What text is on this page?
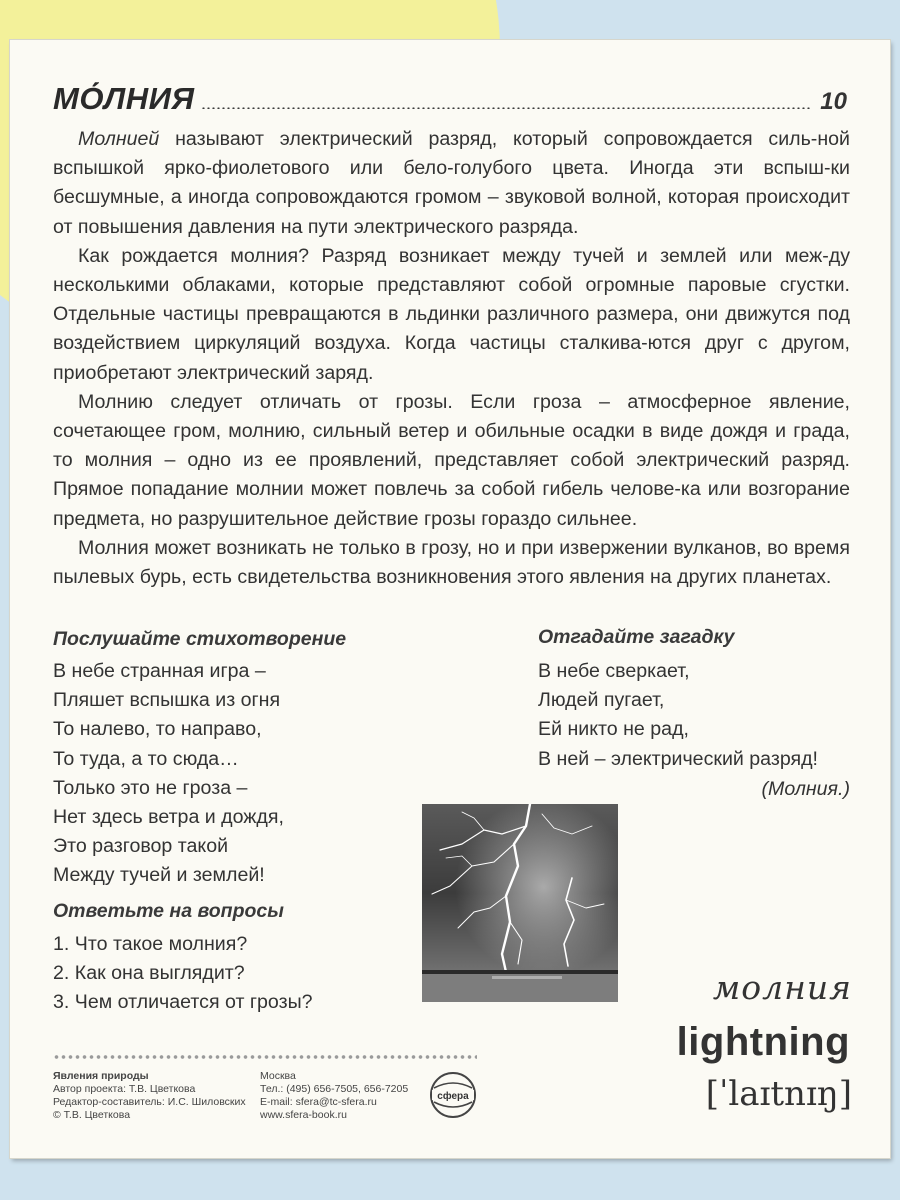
МО́ЛНИЯ	10

Молнией называют электрический разряд, который сопровождается силь-ной вспышкой ярко-фиолетового или бело-голубого цвета. Иногда эти вспыш-ки бесшумные, а иногда сопровождаются громом – звуковой волной, которая происходит от повышения давления на пути электрического разряда.

Как рождается молния? Разряд возникает между тучей и землей или меж-ду несколькими облаками, которые представляют собой огромные паровые сгустки. Отдельные частицы превращаются в льдинки различного размера, они движутся под воздействием циркуляций воздуха. Когда частицы сталкива-ются друг с другом, приобретают электрический заряд.

Молнию следует отличать от грозы. Если гроза – атмосферное явление, сочетающее гром, молнию, сильный ветер и обильные осадки в виде дождя и града, то молния – одно из ее проявлений, представляет собой электрический разряд. Прямое попадание молнии может повлечь за собой гибель челове-ка или возгорание предмета, но разрушительное действие грозы гораздо сильнее.

Молния может возникать не только в грозу, но и при извержении вулканов, во время пылевых бурь, есть свидетельства возникновения этого явления на других планетах.

Послушайте стихотворение
В небе странная игра –
Пляшет вспышка из огня
То налево, то направо,
То туда, а то сюда…
Только это не гроза –
Нет здесь ветра и дождя,
Это разговор такой
Между тучей и землей!
Отгадайте загадку
В небе сверкает,
Людей пугает,
Ей никто не рад,
В ней – электрический разряд!
(Молния.)
Ответьте на вопросы
1. Что такое молния?
2. Как она выглядит?
3. Чем отличается от грозы?	молния
lightning
[ˈlaɪtnɪŋ]
Явления природы
Автор проекта: Т.В. Цветкова
Редактор-составитель: И.С. Шиловских
© Т.В. Цветкова
Москва
Тел.: (495) 656-7505, 656-7205
E-mail: sfera@tc-sfera.ru
www.sfera-book.ru
сфера
